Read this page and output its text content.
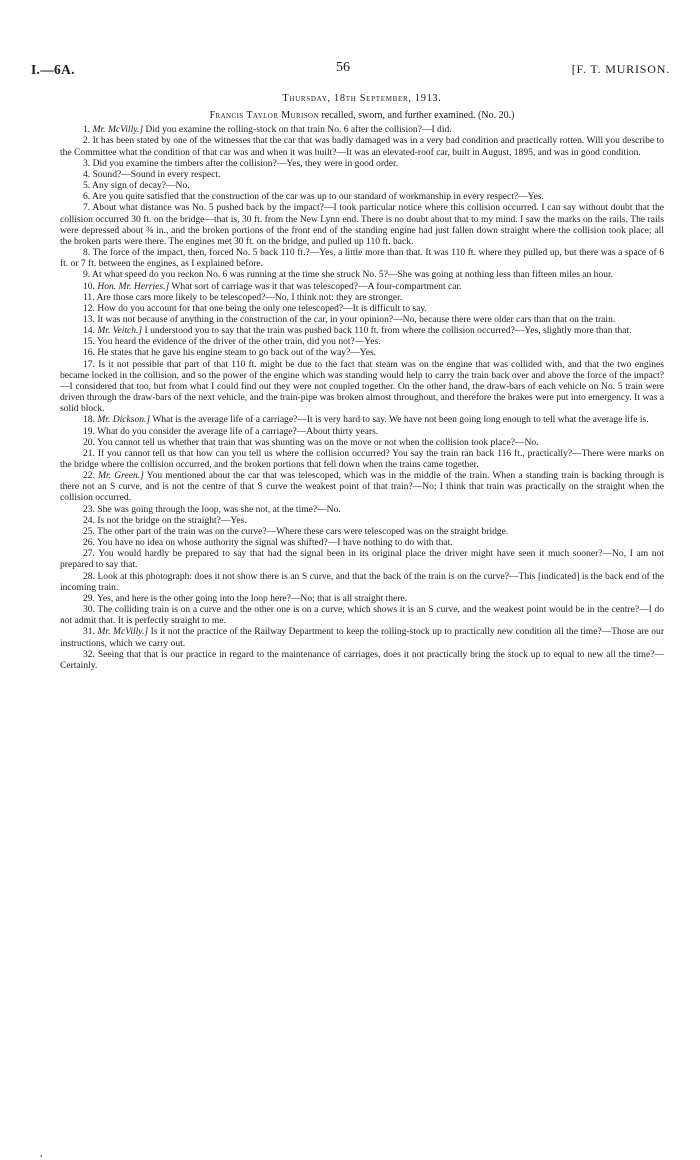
I.—6A.	56	[F. T. MURISON.
Thursday, 18th September, 1913.
Francis Taylor Murison recalled, sworn, and further examined. (No. 20.)

1. Mr. McVilly.] Did you examine the rolling-stock on that train No. 6 after the collision?—I did.

2. It has been stated by one of the witnesses that the car that was badly damaged was in a very bad condition and practically rotten. Will you describe to the Committee what the condition of that car was and when it was built?—It was an elevated-roof car, built in August, 1895, and was in good condition.

3. Did you examine the timbers after the collision?—Yes, they were in good order.

4. Sound?—Sound in every respect.

5. Any sign of decay?—No.

6. Are you quite satisfied that the construction of the car was up to our standard of workmanship in every respect?—Yes.

7. About what distance was No. 5 pushed back by the impact?—I took particular notice where this collision occurred. I can say without doubt that the collision occurred 30 ft. on the bridge—that is, 30 ft. from the New Lynn end. There is no doubt about that to my mind. I saw the marks on the rails. The rails were depressed about ⅜ in., and the broken portions of the front end of the standing engine had just fallen down straight where the collision took place; all the broken parts were there. The engines met 30 ft. on the bridge, and pulled up 110 ft. back.

8. The force of the impact, then, forced No. 5 back 110 ft.?—Yes, a little more than that. It was 110 ft. where they pulled up, but there was a space of 6 ft. or 7 ft. between the engines, as I explained before.

9. At what speed do you reckon No. 6 was running at the time she struck No. 5?—She was going at nothing less than fifteen miles an hour.

10. Hon. Mr. Herries.] What sort of carriage was it that was telescoped?—A four-compartment car.

11. Are those cars more likely to be telescoped?—No, I think not: they are stronger.

12. How do you account for that one being the only one telescoped?—It is difficult to say.

13. It was not because of anything in the construction of the car, in your opinion?—No, because there were older cars than that on the train.

14. Mr. Veitch.] I understood you to say that the train was pushed back 110 ft. from where the collision occurred?—Yes, slightly more than that.

15. You heard the evidence of the driver of the other train, did you not?—Yes.

16. He states that he gave his engine steam to go back out of the way?—Yes.

17. Is it not possible that part of that 110 ft. might be due to the fact that steam was on the engine that was collided with, and that the two engines became locked in the collision, and so the power of the engine which was standing would help to carry the train back over and above the force of the impact?—I considered that too, but from what I could find out they were not coupled together. On the other hand, the draw-bars of each vehicle on No. 5 train were driven through the draw-bars of the next vehicle, and the train-pipe was broken almost throughout, and therefore the brakes were put into emergency. It was a solid block.

18. Mr. Dickson.] What is the average life of a carriage?—It is very hard to say. We have not been going long enough to tell what the average life is.

19. What do you consider the average life of a carriage?—About thirty years.

20. You cannot tell us whether that train that was shunting was on the move or not when the collision took place?—No.

21. If you cannot tell us that how can you tell us where the collision occurred? You say the train ran back 116 ft., practically?—There were marks on the bridge where the collision occurred, and the broken portions that fell down when the trains came together.

22. Mr. Green.] You mentioned about the car that was telescoped, which was in the middle of the train. When a standing train is backing through is there not an S curve, and is not the centre of that S curve the weakest point of that train?—No; I think that train was practically on the straight when the collision occurred.

23. She was going through the loop, was she not, at the time?—No.

24. Is not the bridge on the straight?—Yes.

25. The other part of the train was on the curve?—Where these cars were telescoped was on the straight bridge.

26. You have no idea on whose authority the signal was shifted?—I have nothing to do with that.

27. You would hardly be prepared to say that had the signal been in its original place the driver might have seen it much sooner?—No, I am not prepared to say that.

28. Look at this photograph: does it not show there is an S curve, and that the back of the train is on the curve?—This [indicated] is the back end of the incoming train.

29. Yes, and here is the other going into the loop here?—No; that is all straight there.

30. The colliding train is on a curve and the other one is on a curve, which shows it is an S curve, and the weakest point would be in the centre?—I do not admit that. It is perfectly straight to me.

31. Mr. McVilly.] Is it not the practice of the Railway Department to keep the rolling-stock up to practically new condition all the time?—Those are our instructions, which we carry out.

32. Seeing that that is our practice in regard to the maintenance of carriages, does it not practically bring the stock up to equal to new all the time?—Certainly.

,
